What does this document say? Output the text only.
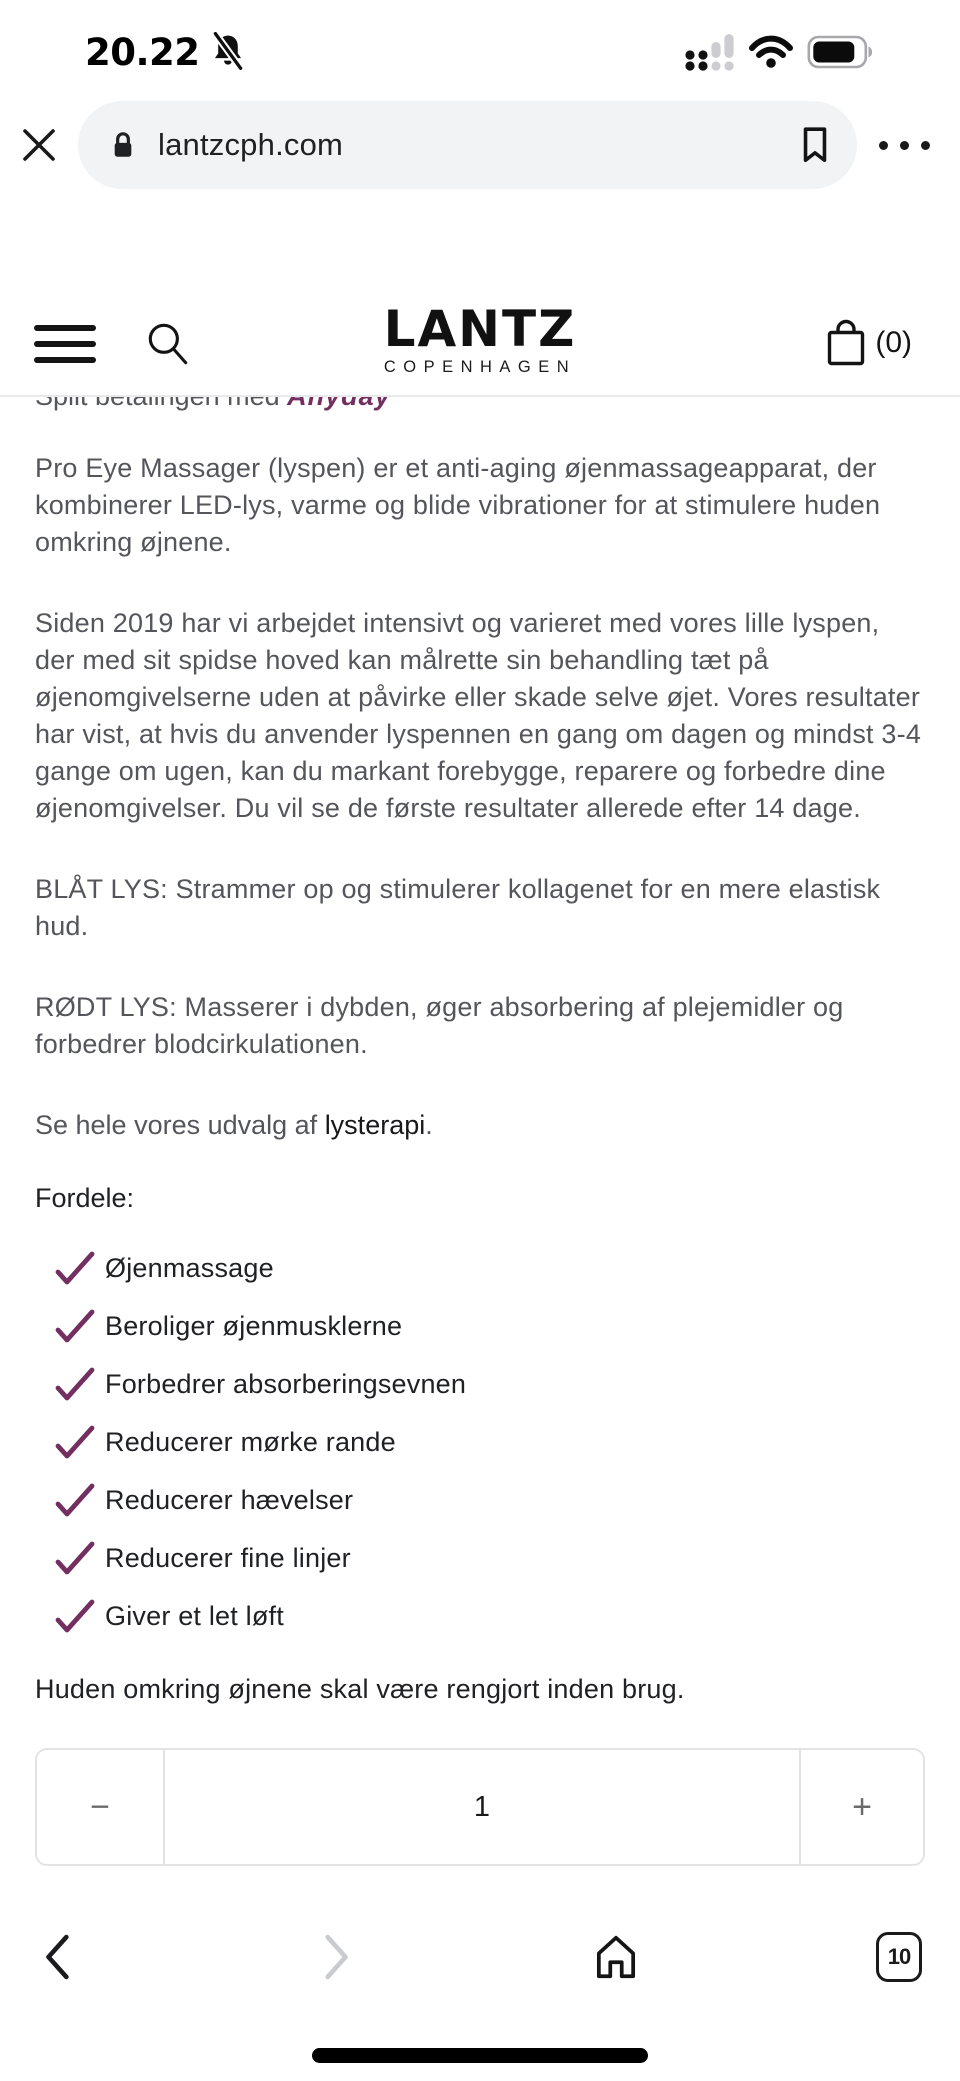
20.22
lantzcph.com
LANTZ
COPENHAGEN
(0)

Pro Eye Massager (lyspen) er et anti-aging øjenmassageapparat, der kombinerer LED-lys, varme og blide vibrationer for at stimulere huden omkring øjnene.

Siden 2019 har vi arbejdet intensivt og varieret med vores lille lyspen, der med sit spidse hoved kan målrette sin behandling tæt på øjenomgivelserne uden at påvirke eller skade selve øjet. Vores resultater har vist, at hvis du anvender lyspennen en gang om dagen og mindst 3-4 gange om ugen, kan du markant forebygge, reparere og forbedre dine øjenomgivelser. Du vil se de første resultater allerede efter 14 dage.

BLÅT LYS: Strammer op og stimulerer kollagenet for en mere elastisk hud.

RØDT LYS: Masserer i dybden, øger absorbering af plejemidler og forbedrer blodcirkulationen.

Se hele vores udvalg af lysterapi.

Fordele:

Øjenmassage
Beroliger øjenmusklerne
Forbedrer absorberingsevnen
Reducerer mørke rande
Reducerer hævelser
Reducerer fine linjer
Giver et let løft

Huden omkring øjnene skal være rengjort inden brug.

−
1	+
10
